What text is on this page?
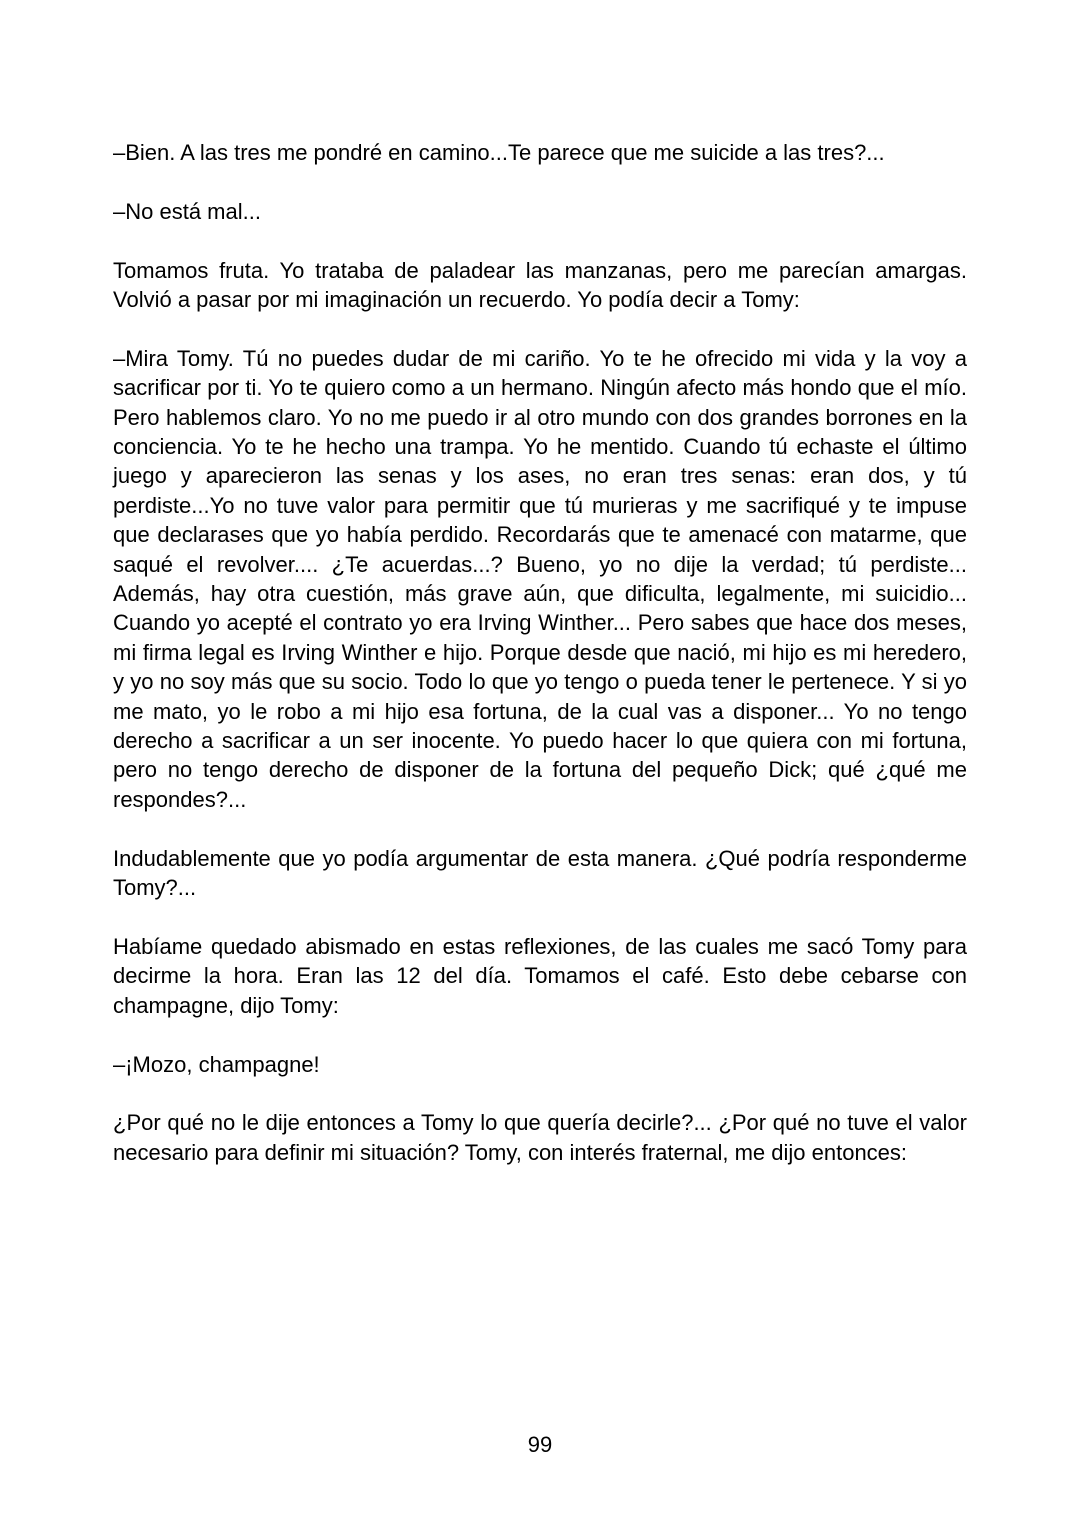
–Bien. A las tres me pondré en camino...Te parece que me suicide a las tres?...

–No está mal...

Tomamos fruta. Yo trataba de paladear las manzanas, pero me parecían amargas. Volvió a pasar por mi imaginación un recuerdo. Yo podía decir a Tomy:

–Mira Tomy. Tú no puedes dudar de mi cariño. Yo te he ofrecido mi vida y la voy a sacrificar por ti. Yo te quiero como a un hermano. Ningún afecto más hondo que el mío. Pero hablemos claro. Yo no me puedo ir al otro mundo con dos grandes borrones en la conciencia. Yo te he hecho una trampa. Yo he mentido. Cuando tú echaste el último juego y aparecieron las senas y los ases, no eran tres senas: eran dos, y tú perdiste...Yo no tuve valor para permitir que tú murieras y me sacrifiqué y te impuse que declarases que yo había perdido. Recordarás que te amenacé con matarme, que saqué el revolver.... ¿Te acuerdas...? Bueno, yo no dije la verdad; tú perdiste... Además, hay otra cuestión, más grave aún, que dificulta, legalmente, mi suicidio... Cuando yo acepté el contrato yo era Irving Winther... Pero sabes que hace dos meses, mi firma legal es Irving Winther e hijo. Porque desde que nació, mi hijo es mi heredero, y yo no soy más que su socio. Todo lo que yo tengo o pueda tener le pertenece. Y si yo me mato, yo le robo a mi hijo esa fortuna, de la cual vas a disponer... Yo no tengo derecho a sacrificar a un ser inocente. Yo puedo hacer lo que quiera con mi fortuna, pero no tengo derecho de disponer de la fortuna del pequeño Dick; qué ¿qué me respondes?...

Indudablemente que yo podía argumentar de esta manera. ¿Qué podría responderme Tomy?...

Habíame quedado abismado en estas reflexiones, de las cuales me sacó Tomy para decirme la hora. Eran las 12 del día. Tomamos el café. Esto debe cebarse con champagne, dijo Tomy:

–¡Mozo, champagne!

¿Por qué no le dije entonces a Tomy lo que quería decirle?... ¿Por qué no tuve el valor necesario para definir mi situación? Tomy, con interés fraternal, me dijo entonces:

99
